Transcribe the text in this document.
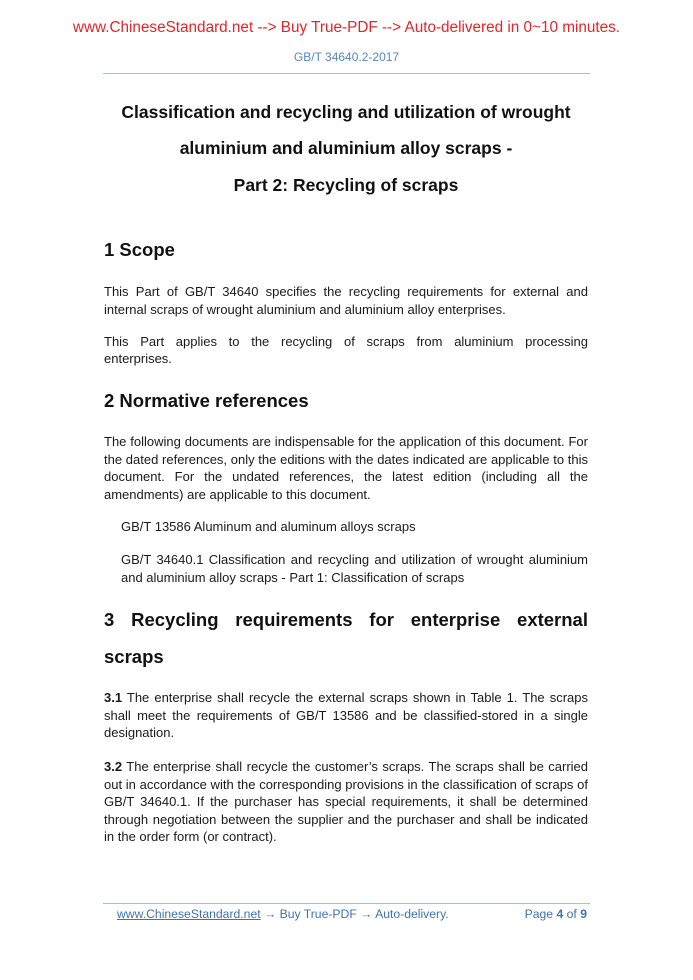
www.ChineseStandard.net --> Buy True-PDF --> Auto-delivered in 0~10 minutes.
GB/T 34640.2-2017
Classification and recycling and utilization of wrought
aluminium and aluminium alloy scraps -
Part 2: Recycling of scraps
1 Scope
This Part of GB/T 34640 specifies the recycling requirements for external and internal scraps of wrought aluminium and aluminium alloy enterprises.
This Part applies to the recycling of scraps from aluminium processing
enterprises.
2 Normative references
The following documents are indispensable for the application of this document. For the dated references, only the editions with the dates indicated are applicable to this document. For the undated references, the latest edition (including all the amendments) are applicable to this document.
GB/T 13586 Aluminum and aluminum alloys scraps
GB/T 34640.1 Classification and recycling and utilization of wrought aluminium and aluminium alloy scraps - Part 1: Classification of scraps
3 Recycling requirements for enterprise external
scraps
3.1 The enterprise shall recycle the external scraps shown in Table 1. The scraps shall meet the requirements of GB/T 13586 and be classified-stored in a single designation.
3.2 The enterprise shall recycle the customer’s scraps. The scraps shall be carried out in accordance with the corresponding provisions in the classification of scraps of GB/T 34640.1. If the purchaser has special requirements, it shall be determined through negotiation between the supplier and the purchaser and shall be indicated in the order form (or contract).
www.ChineseStandard.net → Buy True-PDF → Auto-delivery.	Page 4 of 9
